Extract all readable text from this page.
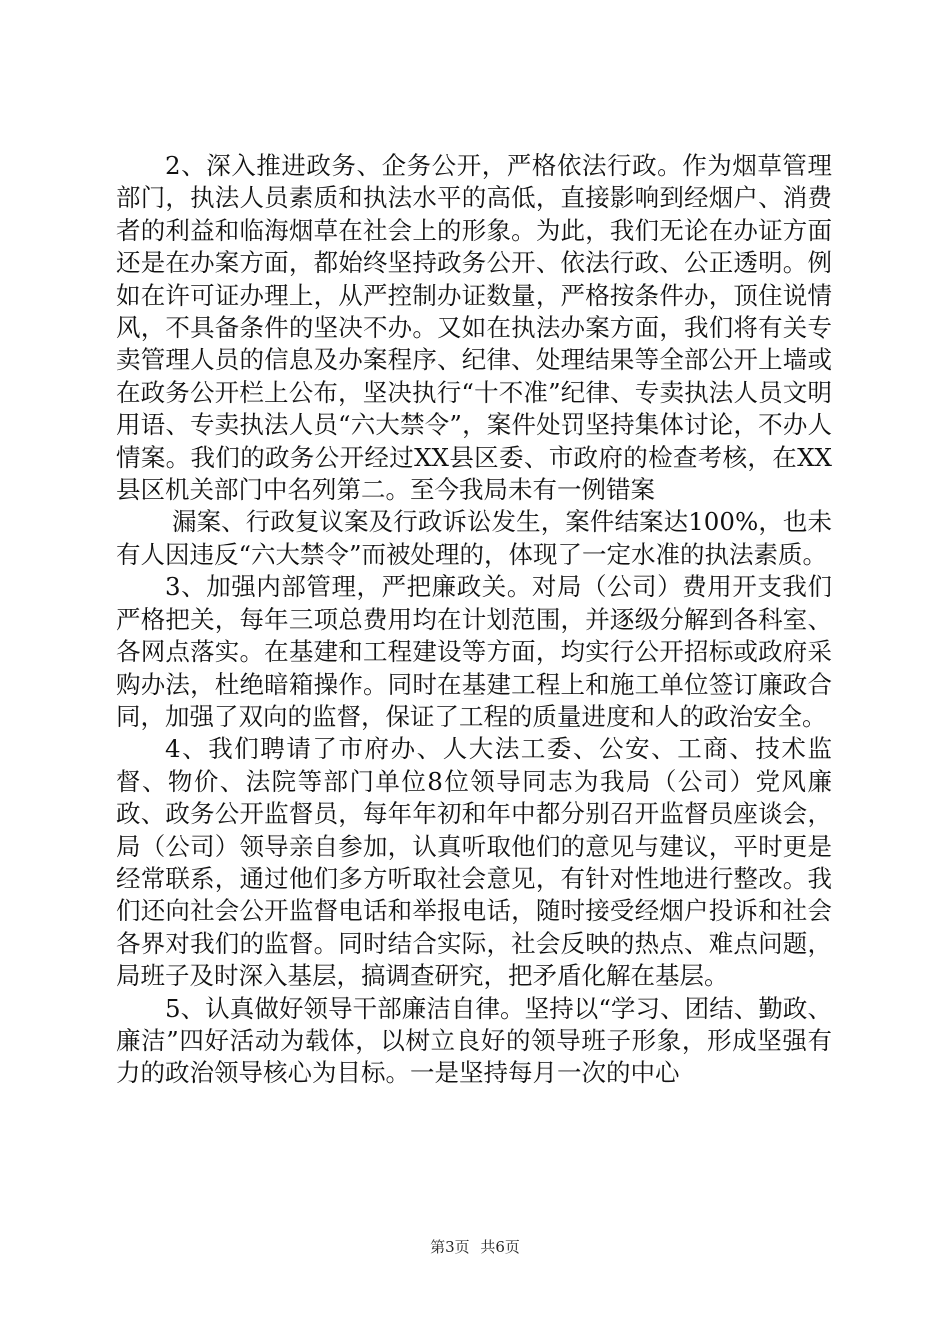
2、深入推进政务、企务公开，严格依法行政。作为烟草管理部门，执法人员素质和执法水平的高低，直接影响到经烟户、消费者的利益和临海烟草在社会上的形象。为此，我们无论在办证方面还是在办案方面，都始终坚持政务公开、依法行政、公正透明。例如在许可证办理上，从严控制办证数量，严格按条件办，顶住说情风，不具备条件的坚决不办。又如在执法办案方面，我们将有关专卖管理人员的信息及办案程序、纪律、处理结果等全部公开上墙或在政务公开栏上公布，坚决执行“十不准”纪律、专卖执法人员文明用语、专卖执法人员“六大禁令”，案件处罚坚持集体讨论，不办人情案。我们的政务公开经过XX县区委、市政府的检查考核，在XX县区机关部门中名列第二。至今我局未有一例错案

漏案、行政复议案及行政诉讼发生，案件结案达100%，也未有人因违反“六大禁令”而被处理的，体现了一定水准的执法素质。

3、加强内部管理，严把廉政关。对局（公司）费用开支我们严格把关，每年三项总费用均在计划范围，并逐级分解到各科室、各网点落实。在基建和工程建设等方面，均实行公开招标或政府采购办法，杜绝暗箱操作。同时在基建工程上和施工单位签订廉政合同，加强了双向的监督，保证了工程的质量进度和人的政治安全。

4、我们聘请了市府办、人大法工委、公安、工商、技术监督、物价、法院等部门单位8位领导同志为我局（公司）党风廉政、政务公开监督员，每年年初和年中都分别召开监督员座谈会，局（公司）领导亲自参加，认真听取他们的意见与建议，平时更是经常联系，通过他们多方听取社会意见，有针对性地进行整改。我们还向社会公开监督电话和举报电话，随时接受经烟户投诉和社会各界对我们的监督。同时结合实际，社会反映的热点、难点问题，局班子及时深入基层，搞调查研究，把矛盾化解在基层。

5、认真做好领导干部廉洁自律。坚持以“学习、团结、勤政、廉洁”四好活动为载体，以树立良好的领导班子形象，形成坚强有力的政治领导核心为目标。一是坚持每月一次的中心

第3页 共6页
